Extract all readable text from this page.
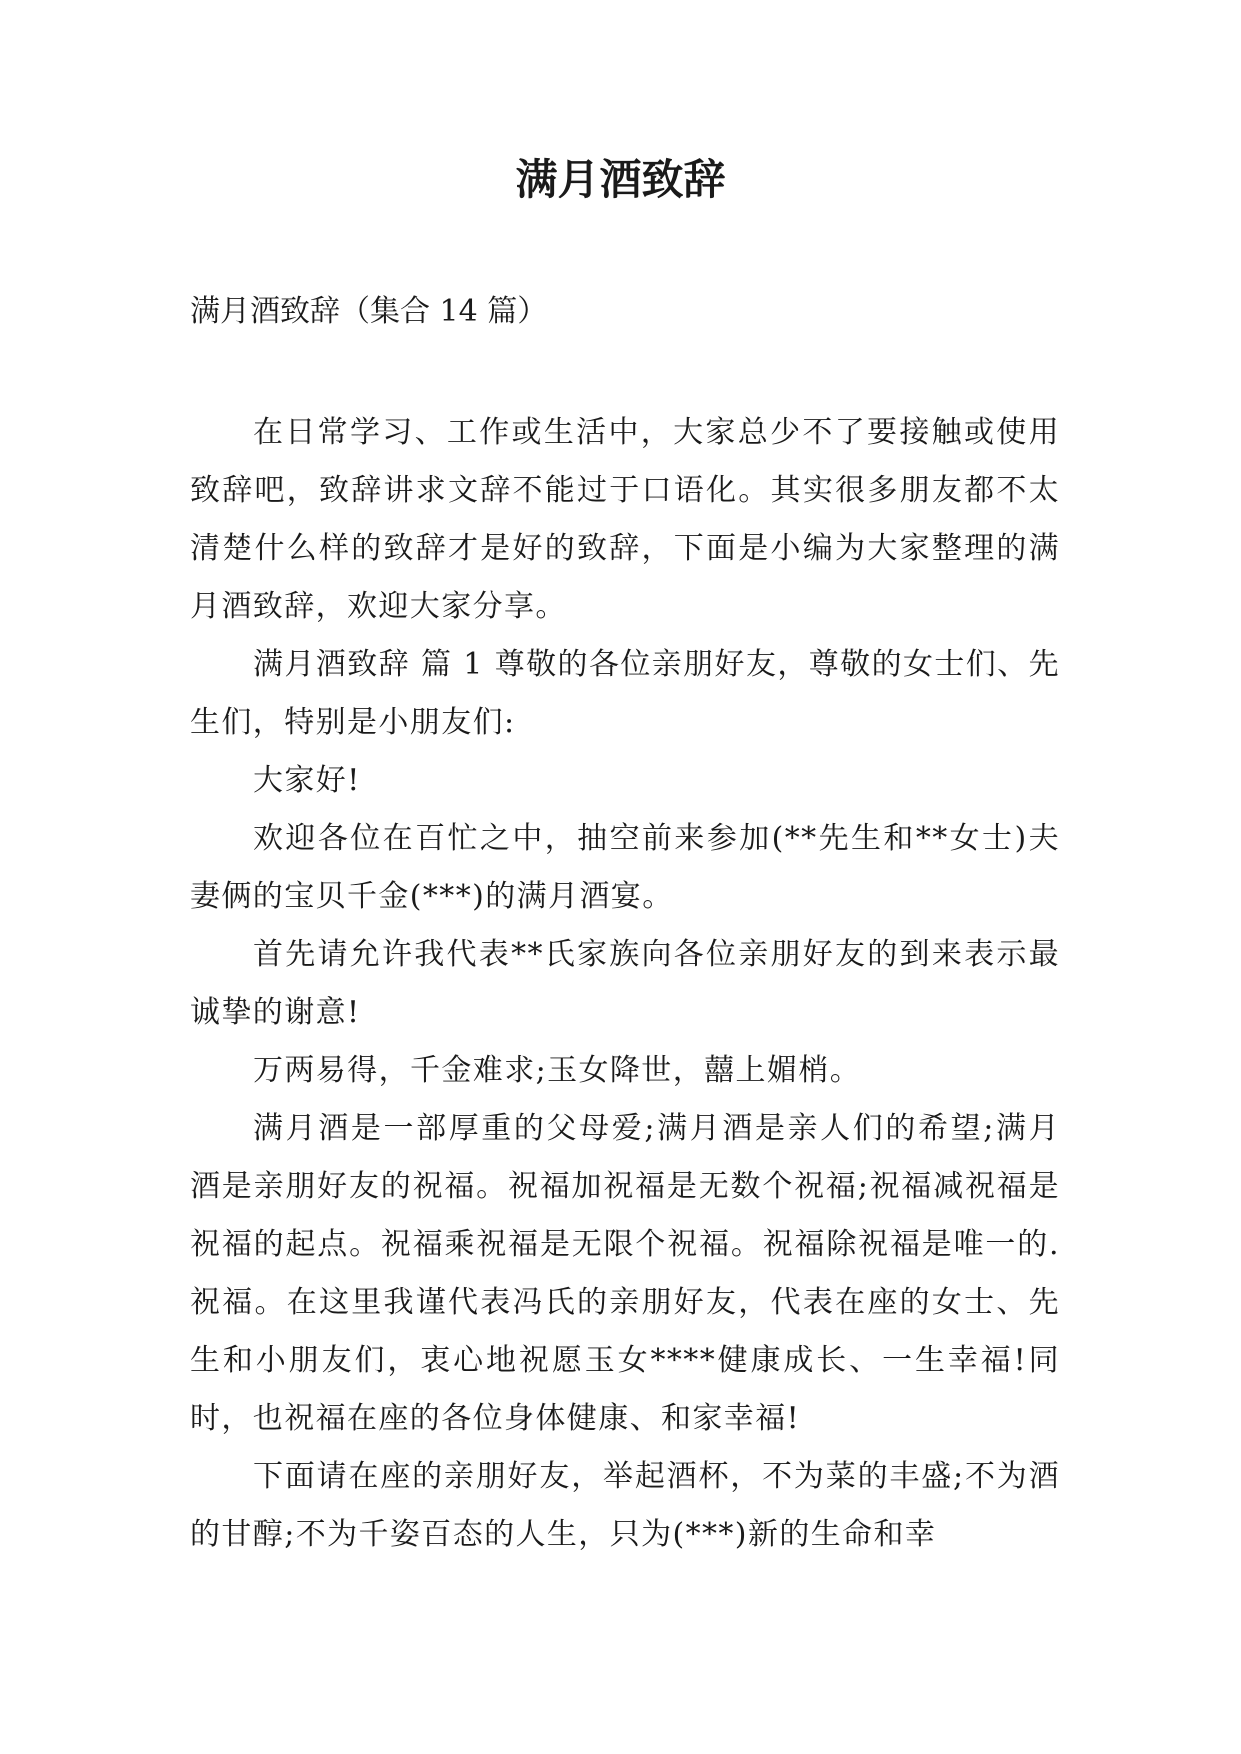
满月酒致辞
满月酒致辞（集合 14 篇）

在日常学习、工作或生活中，大家总少不了要接触或使用致辞吧，致辞讲求文辞不能过于口语化。其实很多朋友都不太清楚什么样的致辞才是好的致辞，下面是小编为大家整理的满月酒致辞，欢迎大家分享。

满月酒致辞 篇 1 尊敬的各位亲朋好友，尊敬的女士们、先生们，特别是小朋友们:

大家好!

欢迎各位在百忙之中，抽空前来参加(**先生和**女士)夫妻俩的宝贝千金(***)的满月酒宴。

首先请允许我代表**氏家族向各位亲朋好友的到来表示最诚挚的谢意!

万两易得，千金难求;玉女降世，囍上媚梢。

满月酒是一部厚重的父母爱;满月酒是亲人们的希望;满月酒是亲朋好友的祝福。祝福加祝福是无数个祝福;祝福减祝福是祝福的起点。祝福乘祝福是无限个祝福。祝福除祝福是唯一的.祝福。在这里我谨代表冯氏的亲朋好友，代表在座的女士、先生和小朋友们，衷心地祝愿玉女****健康成长、一生幸福!同时，也祝福在座的各位身体健康、和家幸福!

下面请在座的亲朋好友，举起酒杯，不为菜的丰盛;不为酒的甘醇;不为千姿百态的人生，只为(***)新的生命和幸
